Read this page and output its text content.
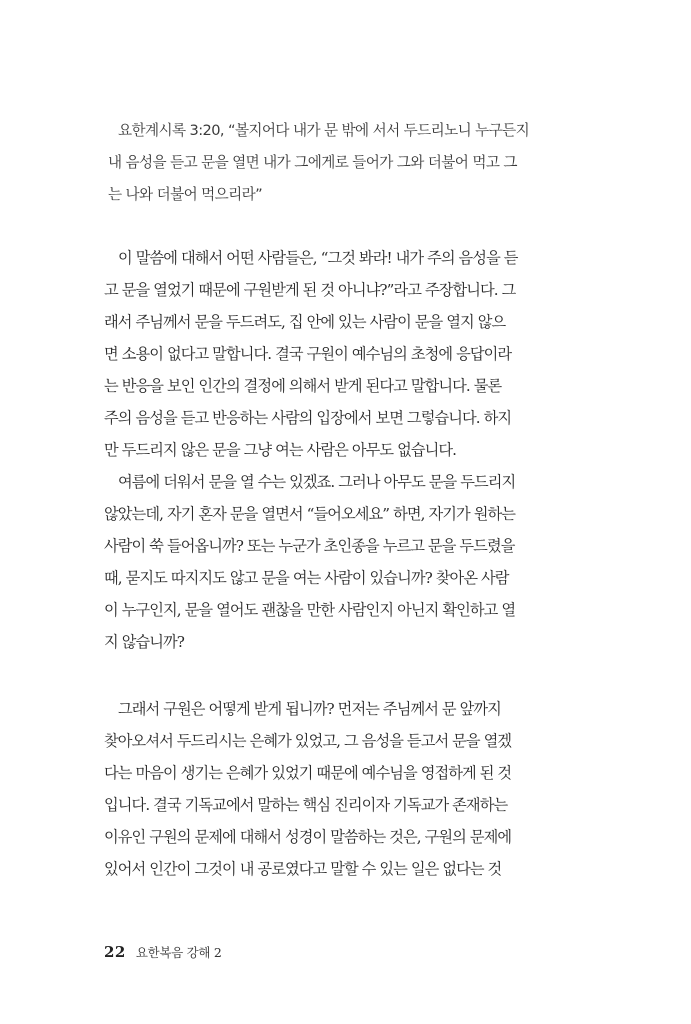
요한계시록 3:20, “볼지어다 내가 문 밖에 서서 두드리노니 누구든지
내 음성을 듣고 문을 열면 내가 그에게로 들어가 그와 더불어 먹고 그
는 나와 더불어 먹으리라”
이 말씀에 대해서 어떤 사람들은, “그것 봐라! 내가 주의 음성을 듣
고 문을 열었기 때문에 구원받게 된 것 아니냐?”라고 주장합니다. 그
래서 주님께서 문을 두드려도, 집 안에 있는 사람이 문을 열지 않으
면 소용이 없다고 말합니다. 결국 구원이 예수님의 초청에 응답이라
는 반응을 보인 인간의 결정에 의해서 받게 된다고 말합니다. 물론
주의 음성을 듣고 반응하는 사람의 입장에서 보면 그렇습니다. 하지
만 두드리지 않은 문을 그냥 여는 사람은 아무도 없습니다.
여름에 더워서 문을 열 수는 있겠죠. 그러나 아무도 문을 두드리지
않았는데, 자기 혼자 문을 열면서 “들어오세요” 하면, 자기가 원하는
사람이 쑥 들어옵니까? 또는 누군가 초인종을 누르고 문을 두드렸을
때, 묻지도 따지지도 않고 문을 여는 사람이 있습니까? 찾아온 사람
이 누구인지, 문을 열어도 괜찮을 만한 사람인지 아닌지 확인하고 열
지 않습니까?
그래서 구원은 어떻게 받게 됩니까? 먼저는 주님께서 문 앞까지
찾아오셔서 두드리시는 은혜가 있었고, 그 음성을 듣고서 문을 열겠
다는 마음이 생기는 은혜가 있었기 때문에 예수님을 영접하게 된 것
입니다. 결국 기독교에서 말하는 핵심 진리이자 기독교가 존재하는
이유인 구원의 문제에 대해서 성경이 말씀하는 것은, 구원의 문제에
있어서 인간이 그것이 내 공로였다고 말할 수 있는 일은 없다는 것
22 요한복음 강해 2
